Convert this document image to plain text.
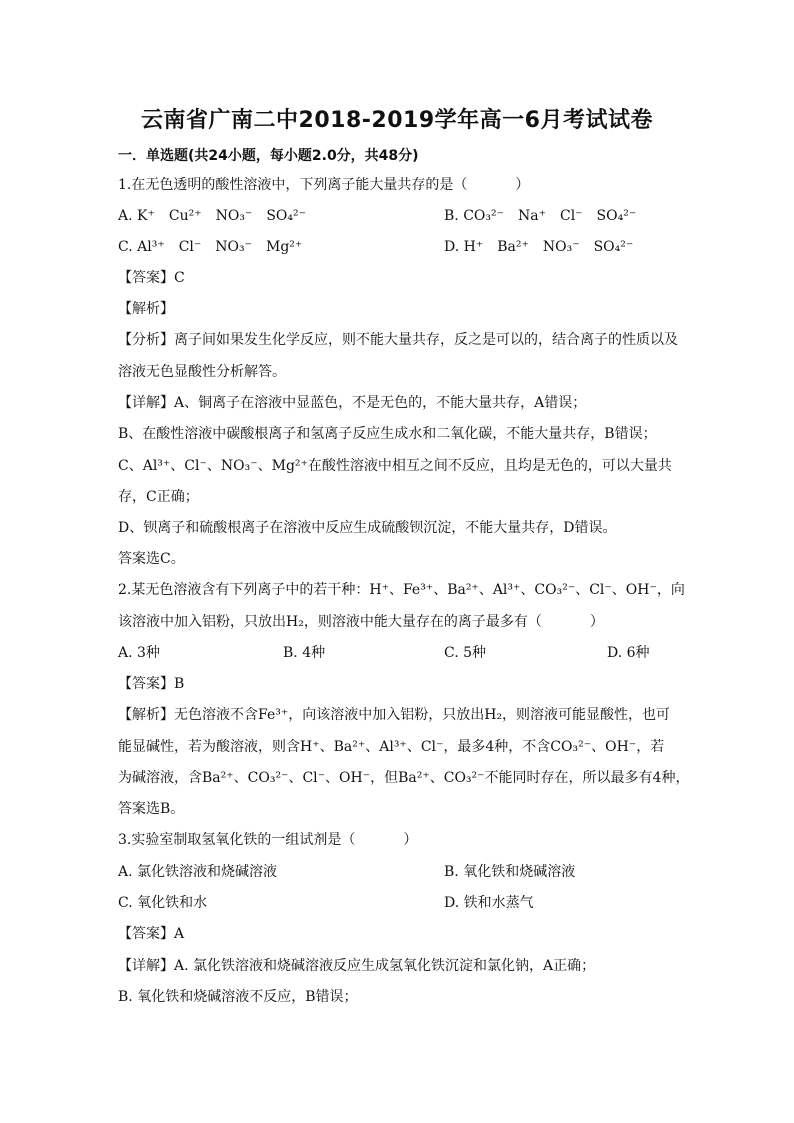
云南省广南二中2018-2019学年高一6月考试试卷
一．单选题(共24小题，每小题2.0分，共48分)
1.在无色透明的酸性溶液中，下列离子能大量共存的是（	）
A. K⁺　Cu²⁺　NO₃⁻　SO₄²⁻	B. CO₃²⁻　Na⁺　Cl⁻　SO₄²⁻
C. Al³⁺　Cl⁻　NO₃⁻　Mg²⁺	D. H⁺　Ba²⁺　NO₃⁻　SO₄²⁻
【答案】C
【解析】
【分析】离子间如果发生化学反应，则不能大量共存，反之是可以的，结合离子的性质以及
溶液无色显酸性分析解答。
【详解】A、铜离子在溶液中显蓝色，不是无色的，不能大量共存，A错误；
B、在酸性溶液中碳酸根离子和氢离子反应生成水和二氧化碳，不能大量共存，B错误；
C、Al³⁺、Cl⁻、NO₃⁻、Mg²⁺在酸性溶液中相互之间不反应，且均是无色的，可以大量共
存，C正确；
D、钡离子和硫酸根离子在溶液中反应生成硫酸钡沉淀，不能大量共存，D错误。
答案选C。
2.某无色溶液含有下列离子中的若干种：H⁺、Fe³⁺、Ba²⁺、Al³⁺、CO₃²⁻、Cl⁻、OH⁻，向
该溶液中加入铝粉，只放出H₂，则溶液中能大量存在的离子最多有（	）
A. 3种	B. 4种	C. 5种	D. 6种
【答案】B
【解析】无色溶液不含Fe³⁺，向该溶液中加入铝粉，只放出H₂，则溶液可能显酸性，也可
能显碱性，若为酸溶液，则含H⁺、Ba²⁺、Al³⁺、Cl⁻，最多4种，不含CO₃²⁻、OH⁻，若
为碱溶液，含Ba²⁺、CO₃²⁻、Cl⁻、OH⁻，但Ba²⁺、CO₃²⁻不能同时存在，所以最多有4种，
答案选B。
3.实验室制取氢氧化铁的一组试剂是（	）
A. 氯化铁溶液和烧碱溶液	B. 氧化铁和烧碱溶液
C. 氧化铁和水	D. 铁和水蒸气
【答案】A
【详解】A. 氯化铁溶液和烧碱溶液反应生成氢氧化铁沉淀和氯化钠，A正确；
B. 氧化铁和烧碱溶液不反应，B错误；
